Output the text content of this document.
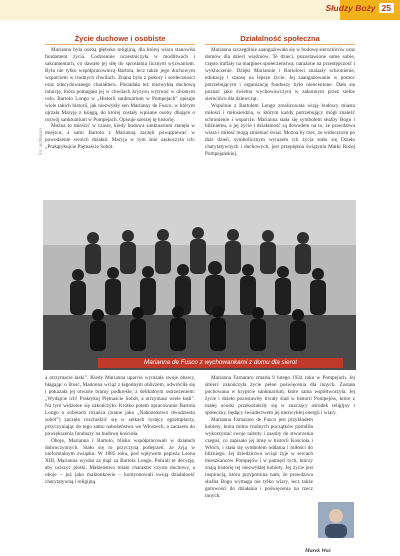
Słudzy Boży 25
Życie duchowe i osobiste	Działalność społeczna

Marianna była osobą głęboko religijną, dla której wiara stanowiła fundament życia. Codziennie uczestniczyła w modlitwach i sakramentach, co dawało jej siłę do sprostania licznym wyzwaniom. Była nie tylko współpracownicą Bartola, lecz także jego duchowym wsparciem w trudnych chwilach. Znana była z pokory i serdeczności oraz zdecydowanego charakteru. Posiadała też niezwykłą duchową intuicję, która pomagała jej w chwilach kryzysu wytrwać w obranym celu. Bartolo Longo w „Historii sanktuarium w Pompejach” opisuje wiele takich historii, jak niezwykły sen Marianny de Fusco, w którym ujrzała Maryję z księgą, do której zostały wpisane osoby dbające o rozwój sanktuarium w Pompejach. Opisuje szerzej tę historię.

Można to mieścić w czasie, kiedy budowa sanktuarium stanęła w miejscu, a sami Bartolo z Marianną zaczęli powątpiewać w powodzenie swoich działań. Maryja w tym śnie zaskoczyła ich: „Prakątykujcie Piętnaście Sobót.

Marianna szczególnie zaangażowała się w budowę sierocińców oraz domów dla dzieci więźniów. Te dzieci, pozostawione same sobie, często trafiały na margines społeczeństwa, narażone na przestępczość i wykluczenie. Dzięki Mariannie i Bartolowi znalazły schronienie, edukację i szansę na lepsze życie. Jej zaangażowanie w pomoc potrzebującym i organizację funduszy było nieocenione. Dała się poznać jako świetna wychowawczyni w zakonnym przez siebie sierocińcu dla dziewcząt.

Wspólnie z Bartolem Longo zrealizowała wizję budowy miasta miłości i miłosierdzia, w którym każdy potrzebujący mógł znaleźć schronienie i wsparcie. Marianna stała się symbolem służby Bogu i bliźniemu, a jej życie i działalność są dowodem na to, że prawdziwa wiara i miłość mogą zmieniać świat. Można by rzec, że widocznym po dziś dzień, symbolicznym wyrazem ich życia stało się Dzieło charytatywnych i duchowych, jest przepiękna świątynia Matki Bożej Pompejańskiej.

fot. archiwum
Marianna de Fusco z wychowankami z domu dla sierot

a otrzymacie łaski”. Kiedy Marianna uparcie wyrażała swoje obawy, błagając o litość, Madonna wciąż z łagodnym obliczem, odwróciła się i pokazała jej otwarte bramy podkreśle, z delikatnym ostrzeżeniem: „Wydajcie ich! Praktykuj Piętnaście Sobót, a otrzymasz wiele łask”. Na tym widzenie się zakończyło. Krótko potem opracowanie Bartola Longo o sobotach różańca (znane jako „Nabożeństwo dwudziestu sobót”) zaczęło rozchodzić się w setkach tysięcy egzemplarzy, przyczyniając do tego samo nabożeństwa we Włoszech, a zarazem do powiększenia funduszy na budowę kościoła.

Oboje, Marianna i Bartolo, blisko współpracowali w działach dobroczynnych. Stało się to przyczyną podejrzeń, że żyją w nieformalnym związku. W 1885 roku, pod wpływem papieża Leona XIII, Marianna wyszła za mąż za Bartola Longo. Pobrali te decyzję, aby uciszyć plotki. Małżeństwo miało charakter czysto duchowy, a oboje – już jako małżonkowie – kontynuowali swoją działalność charytatywną i religijną.

Marianna Farnararo zmarła 9 lutego 1924 roku w Pompejach. Jej śmierć zakończyła życie pełne poświęcenia dla innych. Została pochowana w kryptcie sanktuarium, które sama współtworzyła. Jej życie i dzieło pozostawiły trwały ślad w historii Pompejów, które z małej wioski przekształciły się w znaczący ośrodek religijny i społeczny, będący świadectwem jej niezwykłej energii i wiary.

Marianna Farnararo de Fusco jest przykładem kobiety, która mimo trudnych początków potrafiła wykorzystać swoje talenty i zasoby do stworzenia czegoś, co zapisało jej imię w historii Kościoła i Włoch, i stała się symbolem oddania i miłości do bliźniego. Jej dziedzictwo wciąż żyje w sercach mieszkańców Pompejów i w pamięci tych, którzy znają historię tej niezwykłej kobiety. Jej życie jest inspiracją, która przypomina nam, że prawdziwa służba Bogu wymaga nie tylko wiary, lecz także gotowości do działania i poświęcenia na rzecz innych.

Marek Woś
